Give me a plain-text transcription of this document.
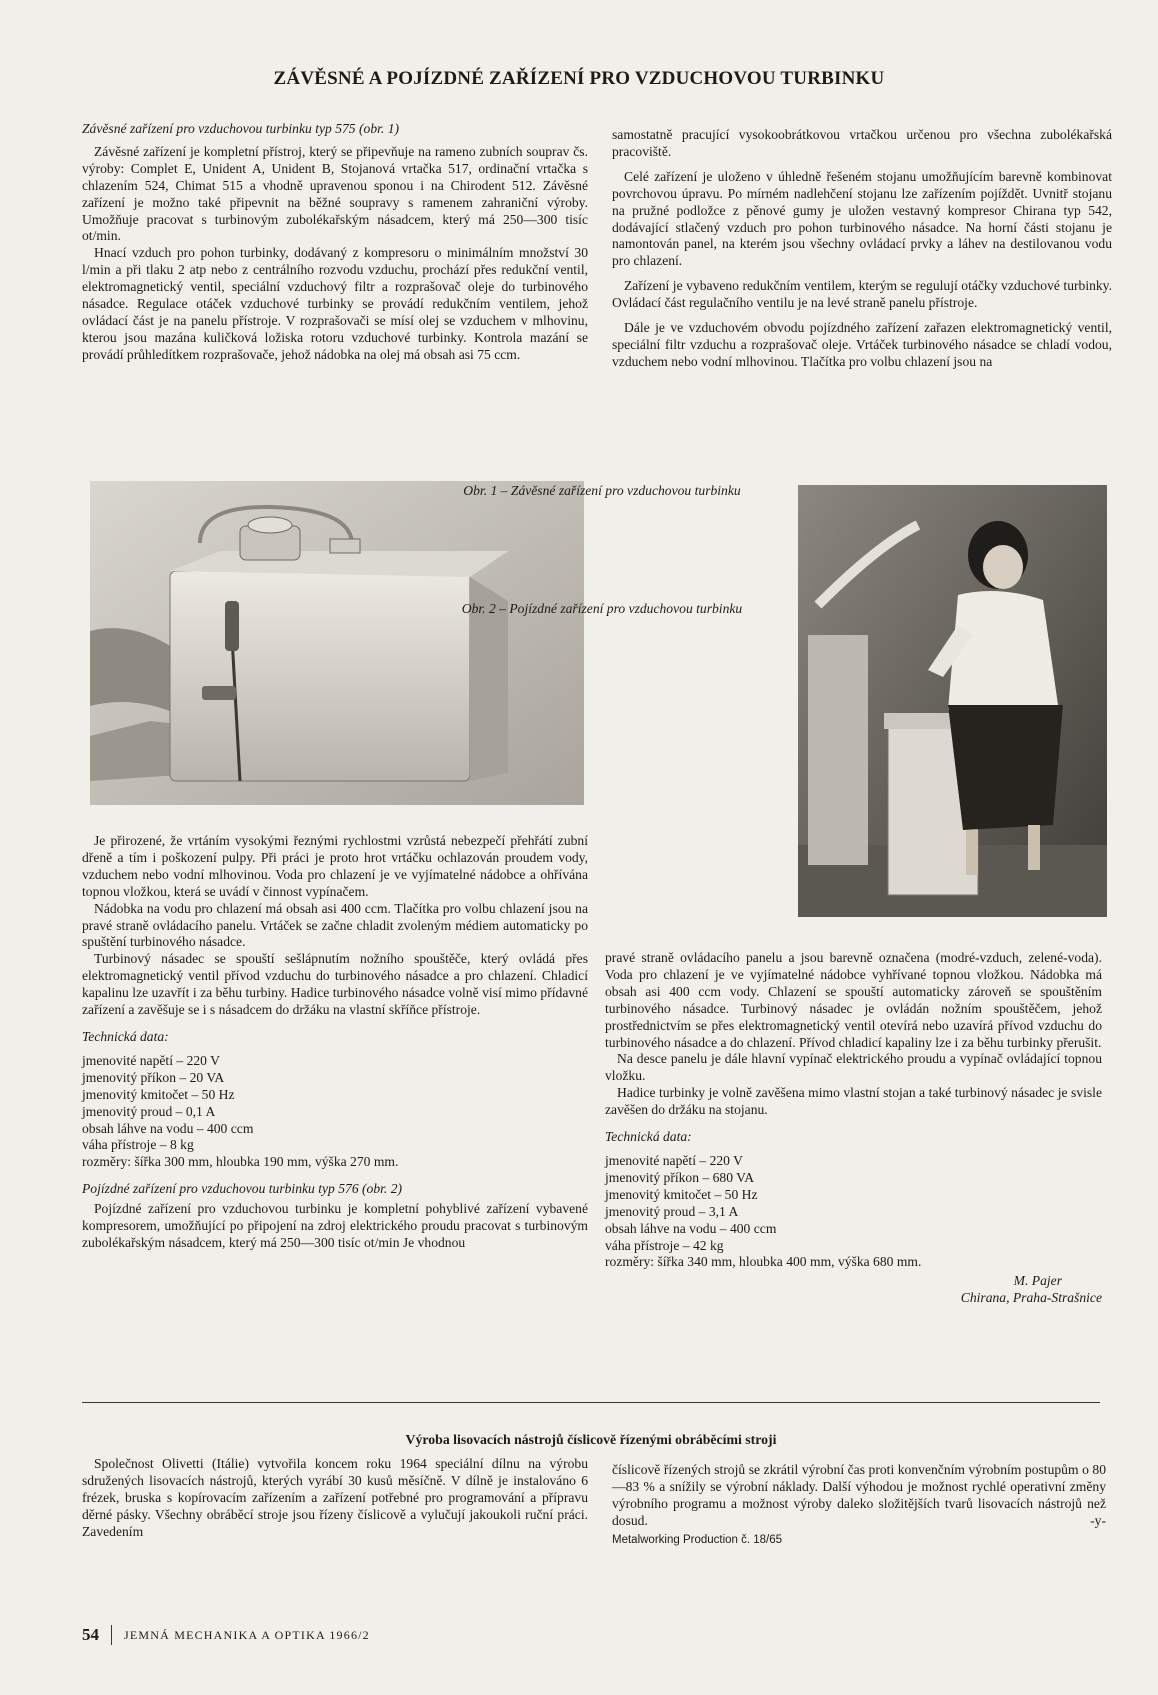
ZÁVĚSNÉ A POJÍZDNÉ ZAŘÍZENÍ PRO VZDUCHOVOU TURBINKU

Závěsné zařízení pro vzduchovou turbinku typ 575 (obr. 1)

Závěsné zařízení je kompletní přístroj, který se připevňuje na rameno zubních souprav čs. výroby: Complet E, Unident A, Unident B, Stojanová vrtačka 517, ordinační vrtačka s chlazením 524, Chimat 515 a vhodně upravenou sponou i na Chirodent 512. Závěsné zařízení je možno také připevnit na běžné soupravy s ramenem zahraniční výroby. Umožňuje pracovat s turbinovým zubolékařským násadcem, který má 250—300 tisíc ot/min.

Hnací vzduch pro pohon turbinky, dodávaný z kompresoru o minimálním množství 30 l/min a při tlaku 2 atp nebo z centrálního rozvodu vzduchu, prochází přes redukční ventil, elektromagnetický ventil, speciální vzduchový filtr a rozprašovač oleje do turbinového násadce. Regulace otáček vzduchové turbinky se provádí redukčním ventilem, jehož ovládací část je na panelu přístroje. V rozprašovači se mísí olej se vzduchem v mlhovinu, kterou jsou mazána kuličková ložiska rotoru vzduchové turbinky. Kontrola mazání se provádí průhledítkem rozprašovače, jehož nádobka na olej má obsah asi 75 ccm.

samostatně pracující vysokoobrátkovou vrtačkou určenou pro všechna zubolékařská pracoviště.

Celé zařízení je uloženo v úhledně řešeném stojanu umožňujícím barevně kombinovat povrchovou úpravu. Po mírném nadlehčení stojanu lze zařízením pojíždět. Uvnitř stojanu na pružné podložce z pěnové gumy je uložen vestavný kompresor Chirana typ 542, dodávající stlačený vzduch pro pohon turbinového násadce. Na horní části stojanu je namontován panel, na kterém jsou všechny ovládací prvky a láhev na destilovanou vodu pro chlazení.

Zařízení je vybaveno redukčním ventilem, kterým se regulují otáčky vzduchové turbinky. Ovládací část regulačního ventilu je na levé straně panelu přístroje.

Dále je ve vzduchovém obvodu pojízdného zařízení zařazen elektromagnetický ventil, speciální filtr vzduchu a rozprašovač oleje. Vrtáček turbinového násadce se chladí vodou, vzduchem nebo vodní mlhovinou. Tlačítka pro volbu chlazení jsou na

Obr. 1 – Závěsné zařízení pro vzduchovou turbinku
Obr. 2 – Pojízdné zařízení pro vzduchovou turbinku

Je přirozené, že vrtáním vysokými řeznými rychlostmi vzrůstá nebezpečí přehřátí zubní dřeně a tím i poškození pulpy. Při práci je proto hrot vrtáčku ochlazován proudem vody, vzduchem nebo vodní mlhovinou. Voda pro chlazení je ve vyjímatelné nádobce a ohřívána topnou vložkou, která se uvádí v činnost vypínačem.

Nádobka na vodu pro chlazení má obsah asi 400 ccm. Tlačítka pro volbu chlazení jsou na pravé straně ovládacího panelu. Vrtáček se začne chladit zvoleným médiem automaticky po spuštění turbinového násadce.

Turbinový násadec se spouští sešlápnutím nožního spouštěče, který ovládá přes elektromagnetický ventil přívod vzduchu do turbinového násadce a pro chlazení. Chladicí kapalinu lze uzavřít i za běhu turbiny. Hadice turbinového násadce volně visí mimo přídavné zařízení a zavěšuje se i s násadcem do držáku na vlastní skříňce přístroje.

Technická data:

jmenovité napětí – 220 V
jmenovitý příkon – 20 VA
jmenovitý kmitočet – 50 Hz
jmenovitý proud – 0,1 A
obsah láhve na vodu – 400 ccm
váha přístroje – 8 kg
rozměry: šířka 300 mm, hloubka 190 mm, výška 270 mm.

Pojízdné zařízení pro vzduchovou turbinku typ 576 (obr. 2)

Pojízdné zařízení pro vzduchovou turbinku je kompletní pohyblivé zařízení vybavené kompresorem, umožňující po připojení na zdroj elektrického proudu pracovat s turbinovým zubolékařským násadcem, který má 250—300 tisíc ot/min Je vhodnou

pravé straně ovládacího panelu a jsou barevně označena (modré-vzduch, zelené-voda). Voda pro chlazení je ve vyjímatelné nádobce vyhřívané topnou vložkou. Nádobka má obsah asi 400 ccm vody. Chlazení se spouští automaticky zároveň se spouštěním turbinového násadce. Turbinový násadec je ovládán nožním spouštěčem, jehož prostřednictvím se přes elektromagnetický ventil otevírá nebo uzavírá přívod vzduchu do turbinového násadce a do chlazení. Přívod chladicí kapaliny lze i za běhu turbinky přerušit.

Na desce panelu je dále hlavní vypínač elektrického proudu a vypínač ovládající topnou vložku.

Hadice turbinky je volně zavěšena mimo vlastní stojan a také turbinový násadec je svisle zavěšen do držáku na stojanu.

Technická data:

jmenovité napětí – 220 V
jmenovitý příkon – 680 VA
jmenovitý kmitočet – 50 Hz
jmenovitý proud – 3,1 A
obsah láhve na vodu – 400 ccm
váha přístroje – 42 kg
rozměry: šířka 340 mm, hloubka 400 mm, výška 680 mm.
M. Pajer
Chirana, Praha-Strašnice
Výroba lisovacích nástrojů číslicově řízenými obráběcími stroji

Společnost Olivetti (Itálie) vytvořila koncem roku 1964 speciální dílnu na výrobu sdružených lisovacích nástrojů, kterých vyrábí 30 kusů měsíčně. V dílně je instalováno 6 frézek, bruska s kopírovacím zařízením a zařízení potřebné pro programování a přípravu děrné pásky. Všechny obráběcí stroje jsou řízeny číslicově a vylučují jakoukoli ruční práci. Zavedením

číslicově řízených strojů se zkrátil výrobní čas proti konvenčním výrobním postupům o 80—83 % a snížily se výrobní náklady. Další výhodou je možnost rychlé operativní změny výrobního programu a možnost výroby daleko složitějších tvarů lisovacích nástrojů než dosud.

Metalworking Production č. 18/65
-y-
54 JEMNÁ MECHANIKA A OPTIKA 1966/2
